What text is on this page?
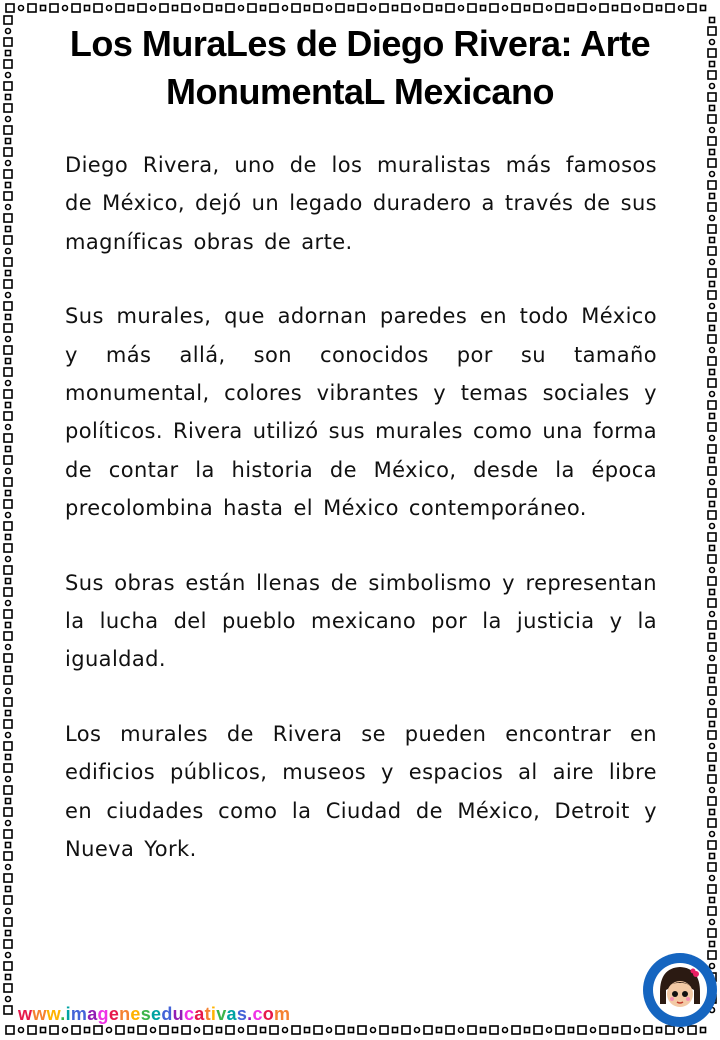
Los MuraLes de Diego Rivera: Arte
MonumentaL Mexicano

Diego Rivera, uno de los muralistas más famosos de México, dejó un legado duradero a través de sus magníficas obras de arte.

Sus murales, que adornan paredes en todo México y más allá, son conocidos por su tamaño monumental, colores vibrantes y temas sociales y políticos. Rivera utilizó sus murales como una forma de contar la historia de México, desde la época precolombina hasta el México contemporáneo.

Sus obras están llenas de simbolismo y representan la lucha del pueblo mexicano por la justicia y la igualdad.

Los murales de Rivera se pueden encontrar en edificios públicos, museos y espacios al aire libre en ciudades como la Ciudad de México, Detroit y Nueva York.

www.imageneseducativas.com
